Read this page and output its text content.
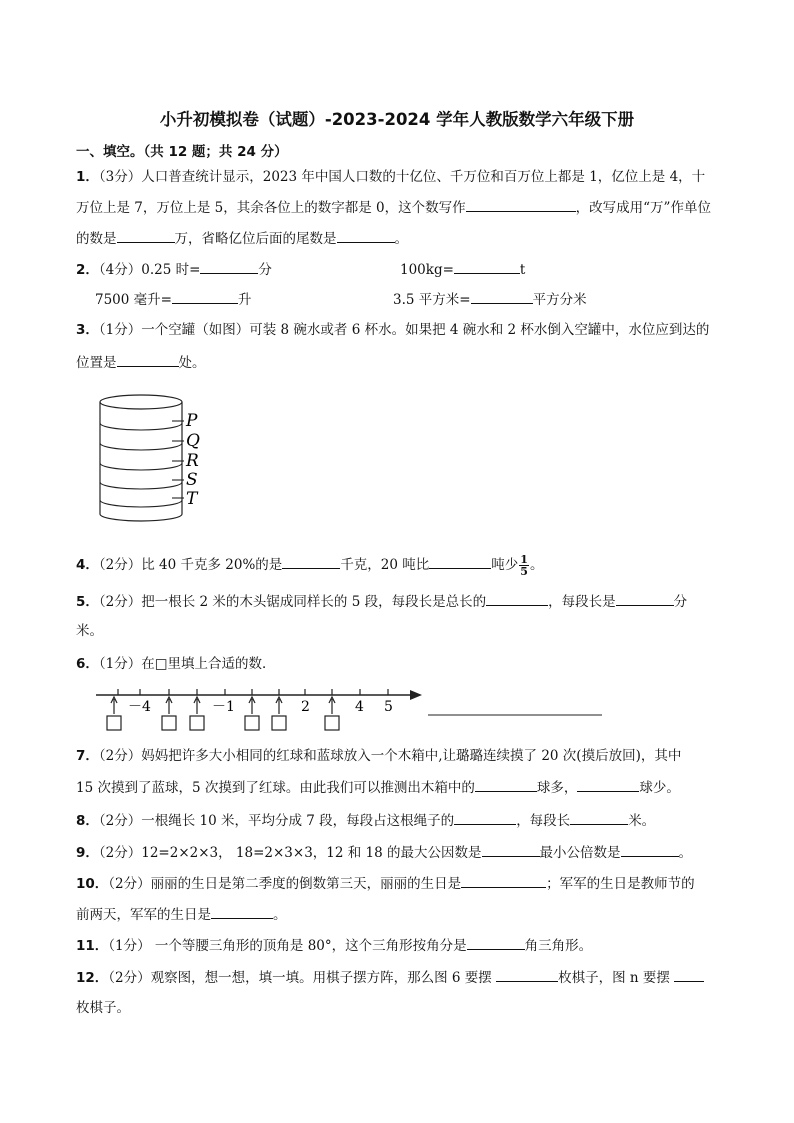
小升初模拟卷（试题）-2023-2024 学年人教版数学六年级下册
一、填空。（共 12 题；共 24 分）
1．（3分）人口普查统计显示，2023 年中国人口数的十亿位、千万位和百万位上都是 1，亿位上是 4，十
万位上是 7，万位上是 5，其余各位上的数字都是 0，这个数写作	，改写成用“万”作单位
的数是	万，省略亿位后面的尾数是	。
2．（4分）0.25 时=	分	100kg=	t
7500 毫升=	升	3.5 平方米=	平方分米
3．（1分）一个空罐（如图）可装 8 碗水或者 6 杯水。如果把 4 碗水和 2 杯水倒入空罐中，水位应到达的
位置是	处。
P
Q
R
S
T
4．（2分）比 40 千克多 20%的是	千克，20 吨比	吨少 $\frac{1}{5}$ 。
5．（2分）把一根长 2 米的木头锯成同样长的 5 段，每段长是总长的	，每段长是	分
米。
6．（1分）在□里填上合适的数．
－4	－1	2	4 5
7．（2分）妈妈把许多大小相同的红球和蓝球放入一个木箱中,让璐璐连续摸了 20 次(摸后放回)，其中
15 次摸到了蓝球，5 次摸到了红球。由此我们可以推测出木箱中的	球多，	球少。
8．（2分）一根绳长 10 米，平均分成 7 段，每段占这根绳子的	，每段长	米。
9．（2分）12=2×2×3， 18=2×3×3，12 和 18 的最大公因数是	最小公倍数是	。
10．（2分）丽丽的生日是第二季度的倒数第三天，丽丽的生日是	；军军的生日是教师节的
前两天，军军的生日是	。
11．（1分） 一个等腰三角形的顶角是 80°，这个三角形按角分是	角三角形。
12．（2分）观察图，想一想，填一填。用棋子摆方阵，那么图 6 要摆	枚棋子，图 n 要摆
枚棋子。
